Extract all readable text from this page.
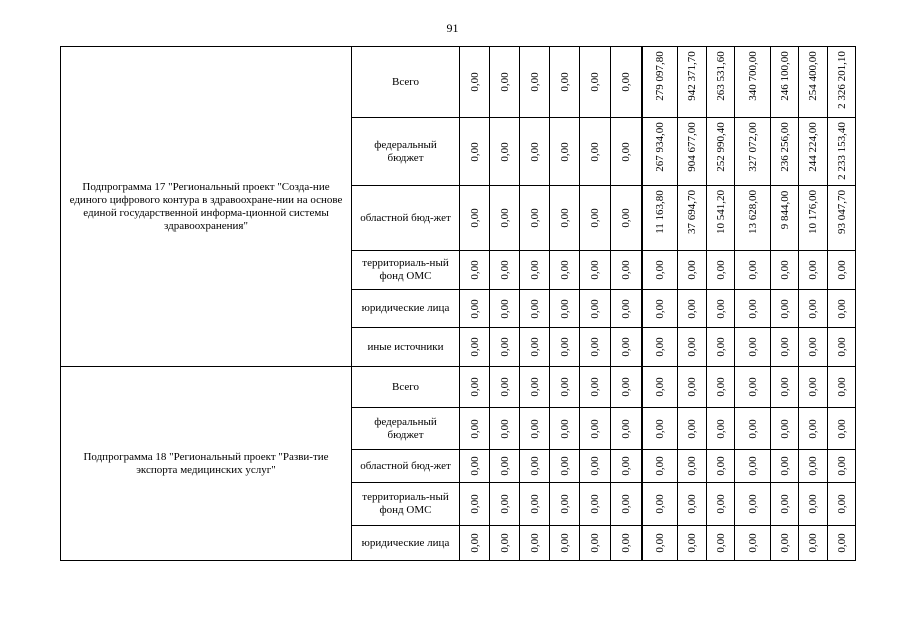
91
Подпрограмма 17 "Региональный проект "Созда-ние единого цифрового контура в здравоохране-нии на основе единой государственной информа-ционной системы здравоохранения"	Всего	0,00	0,00	0,00	0,00	0,00	0,00	279 097,80	942 371,70	263 531,60	340 700,00	246 100,00	254 400,00	2 326 201,10

	федеральный бюджет	0,00	0,00	0,00	0,00	0,00	0,00	267 934,00	904 677,00	252 990,40	327 072,00	236 256,00	244 224,00	2 233 153,40

	областной бюд-жет	0,00	0,00	0,00	0,00	0,00	0,00	11 163,80	37 694,70	10 541,20	13 628,00	9 844,00	10 176,00	93 047,70

	территориаль-ный фонд ОМС	0,00	0,00	0,00	0,00	0,00	0,00	0,00	0,00	0,00	0,00	0,00	0,00	0,00

	юридические лица	0,00	0,00	0,00	0,00	0,00	0,00	0,00	0,00	0,00	0,00	0,00	0,00	0,00

	иные источники	0,00	0,00	0,00	0,00	0,00	0,00	0,00	0,00	0,00	0,00	0,00	0,00	0,00

Подпрограмма 18 "Региональный проект "Разви-тие экспорта медицинских услуг"	Всего	0,00	0,00	0,00	0,00	0,00	0,00	0,00	0,00	0,00	0,00	0,00	0,00	0,00

	федеральный бюджет	0,00	0,00	0,00	0,00	0,00	0,00	0,00	0,00	0,00	0,00	0,00	0,00	0,00

	областной бюд-жет	0,00	0,00	0,00	0,00	0,00	0,00	0,00	0,00	0,00	0,00	0,00	0,00	0,00

	территориаль-ный фонд ОМС	0,00	0,00	0,00	0,00	0,00	0,00	0,00	0,00	0,00	0,00	0,00	0,00	0,00

	юридические лица	0,00	0,00	0,00	0,00	0,00	0,00	0,00	0,00	0,00	0,00	0,00	0,00	0,00
